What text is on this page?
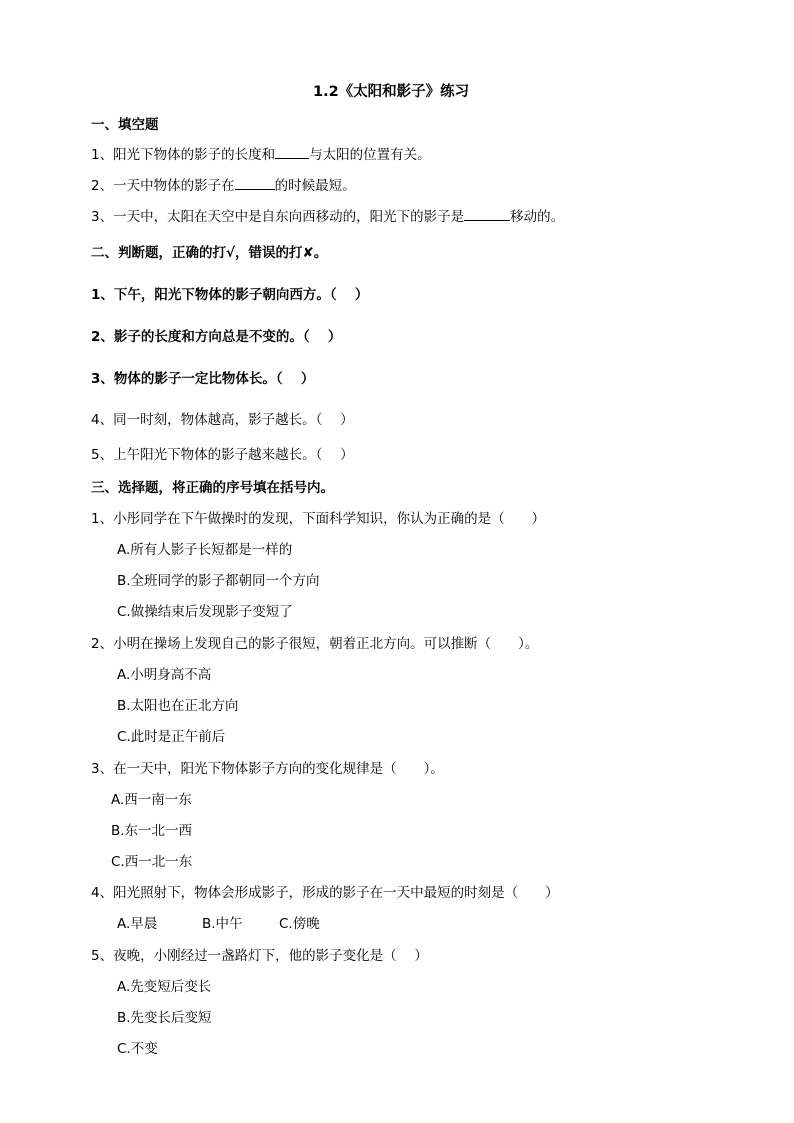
1.2《太阳和影子》练习
一、填空题
1、阳光下物体的影子的长度和	与太阳的位置有关。
2、一天中物体的影子在	的时候最短。
3、一天中，太阳在天空中是自东向西移动的，阳光下的影子是	移动的。
二、判断题，正确的打√，错误的打✘。
1、下午，阳光下物体的影子朝向西方。（　 ）
2、影子的长度和方向总是不变的。（　 ）
3、物体的影子一定比物体长。（　 ）
4、同一时刻，物体越高，影子越长。（　 ）
5、上午阳光下物体的影子越来越长。（　 ）
三、选择题，将正确的序号填在括号内。
1、小彤同学在下午做操时的发现，下面科学知识，你认为正确的是（　　）
A.所有人影子长短都是一样的
B.全班同学的影子都朝同一个方向
C.做操结束后发现影子变短了
2、小明在操场上发现自己的影子很短，朝着正北方向。可以推断（　　）。
A.小明身高不高
B.太阳也在正北方向
C.此时是正午前后
3、在一天中，阳光下物体影子方向的变化规律是（　　）。
A.西一南一东
B.东一北一西
C.西一北一东
4、阳光照射下，物体会形成影子，形成的影子在一天中最短的时刻是（　　）
A.早晨	B.中午	C.傍晚
5、夜晚，小刚经过一盏路灯下，他的影子变化是（　 ）
A.先变短后变长
B.先变长后变短
C.不变
